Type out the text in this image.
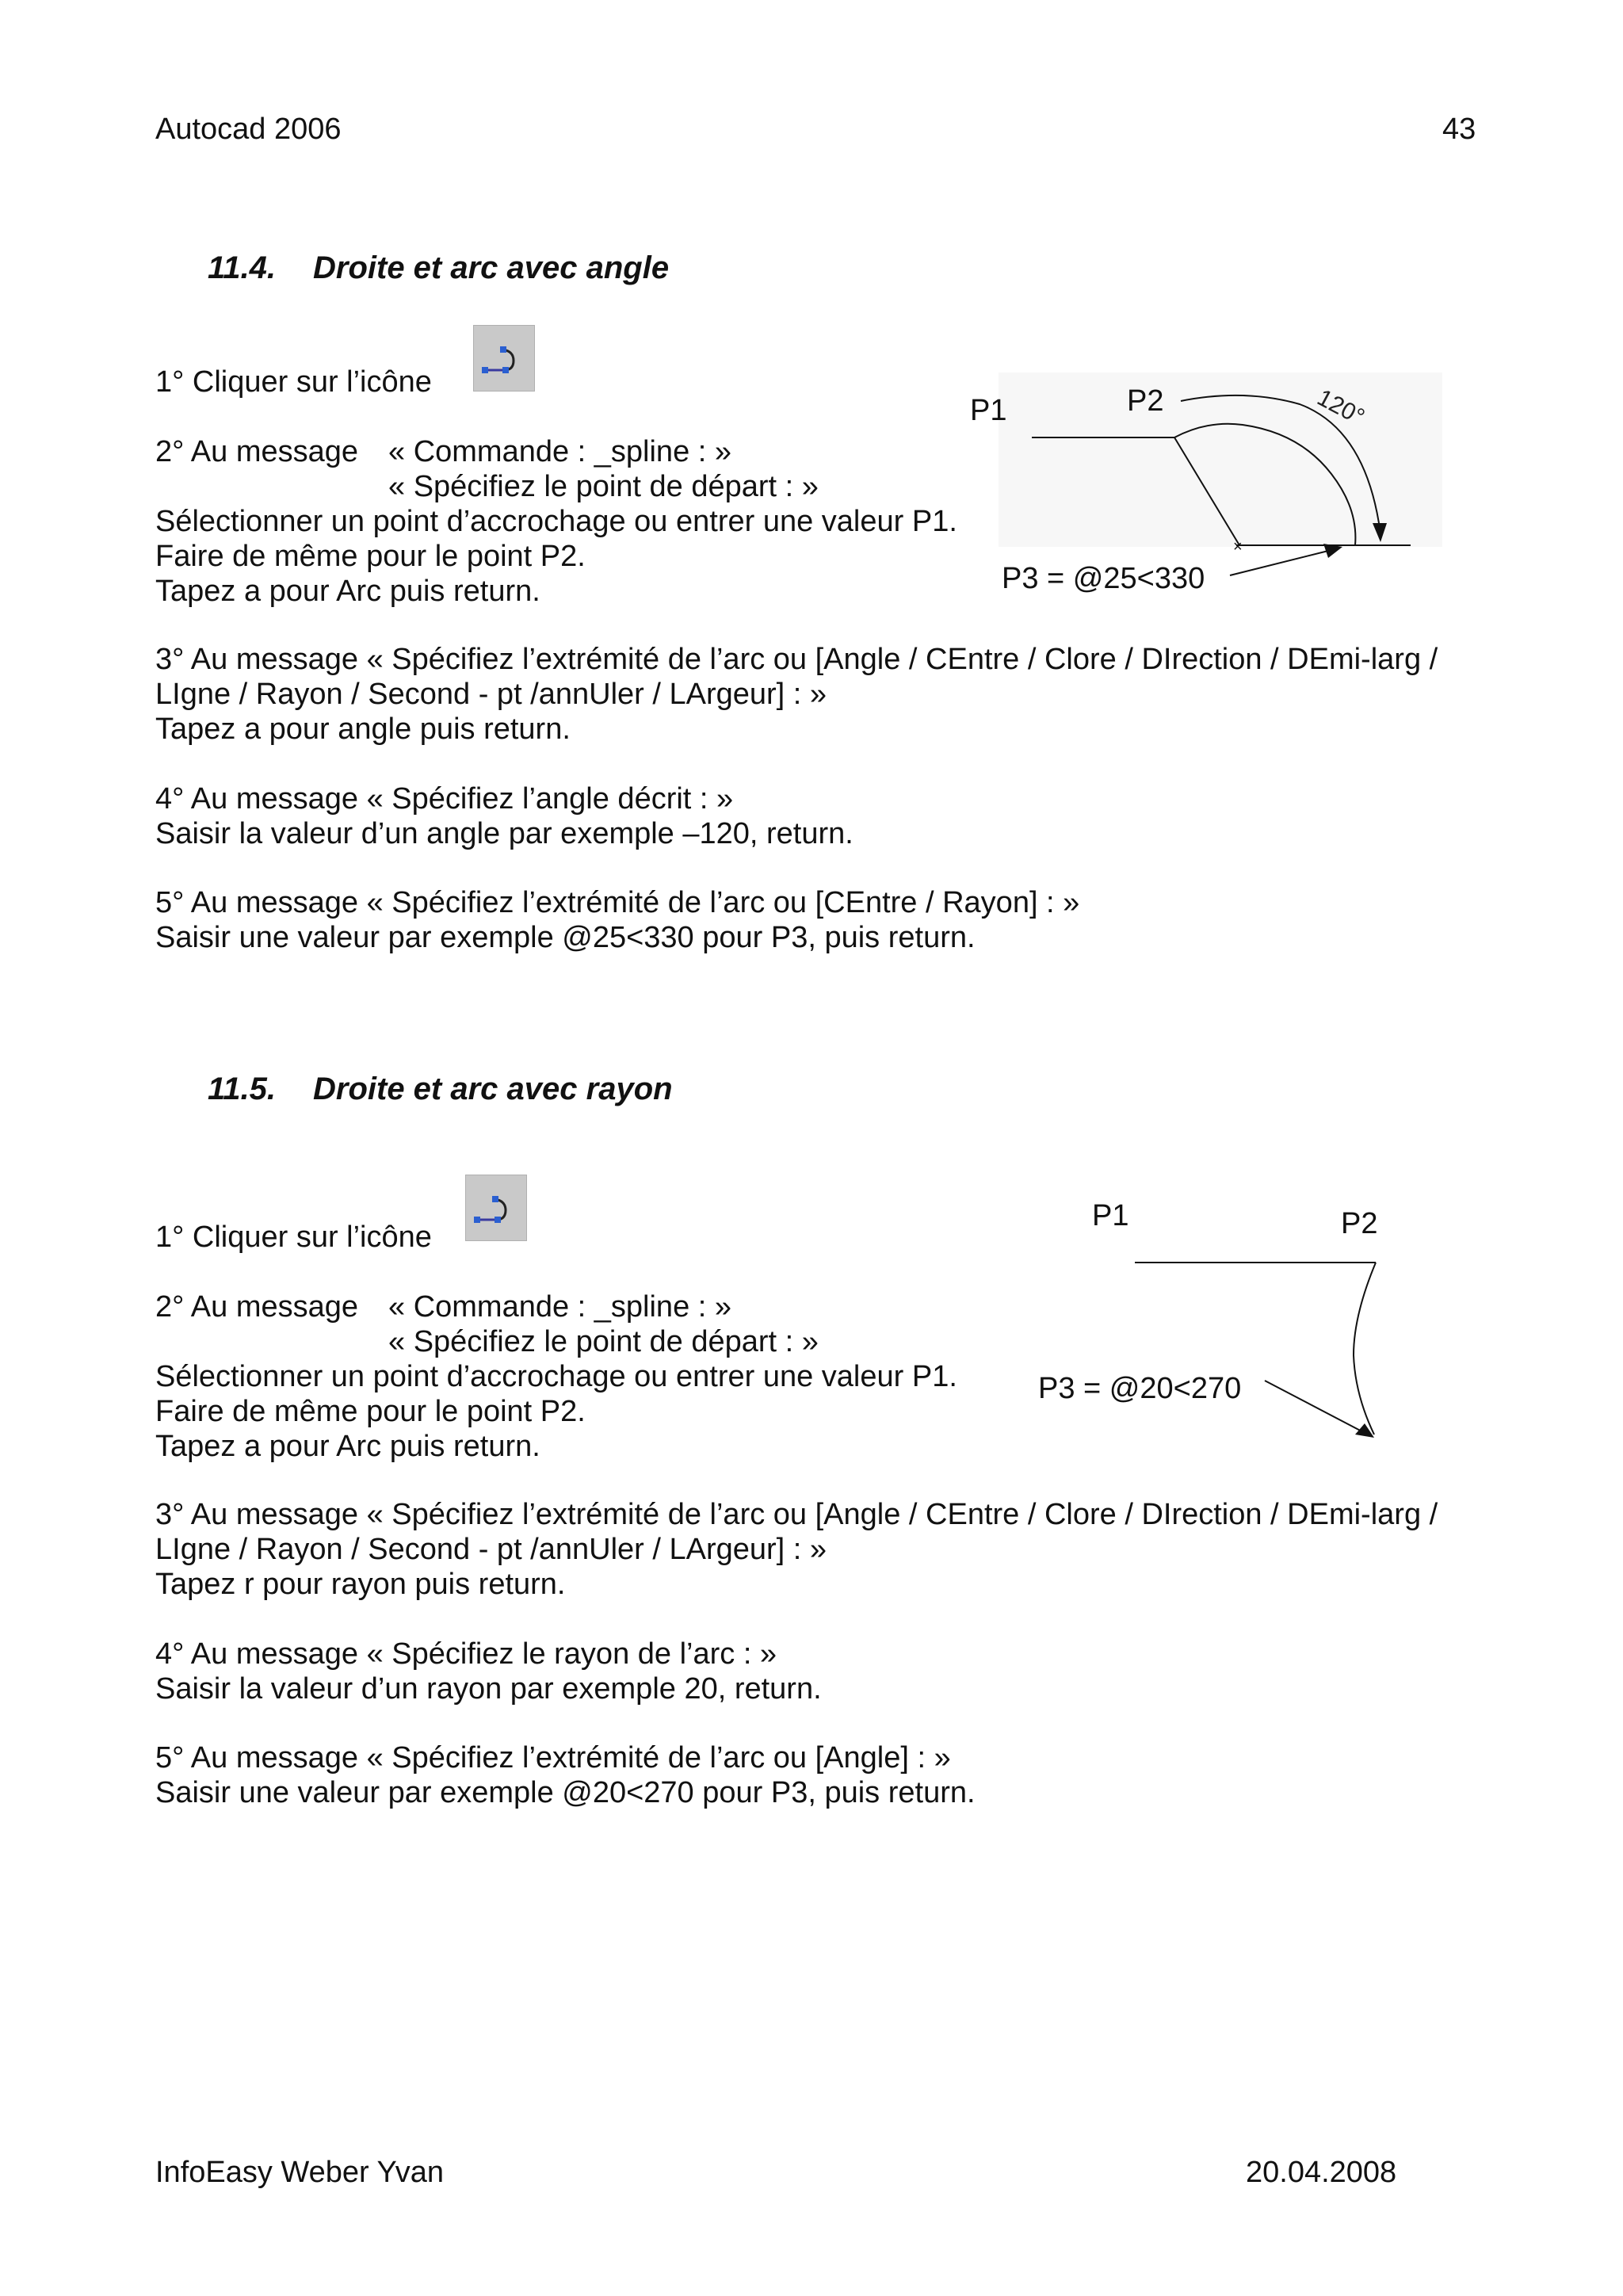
Autocad 2006	43
11.4. Droite et arc avec angle
1° Cliquer sur l’icône
2° Au message « Commande : _spline : »
« Spécifiez le point de départ : »
Sélectionner un point d’accrochage ou entrer une valeur P1.
Faire de même pour le point P2.
Tapez a pour Arc puis return.
3° Au message « Spécifiez l’extrémité de l’arc ou [Angle / CEntre / Clore / DIrection / DEmi-larg /
LIgne / Rayon / Second - pt /annUler / LArgeur] : »
Tapez a pour angle puis return.
4° Au message « Spécifiez l’angle décrit : »
Saisir la valeur d’un angle par exemple –120, return.
5° Au message « Spécifiez l’extrémité de l’arc ou [CEntre / Rayon] : »
Saisir une valeur par exemple @25<330 pour P3, puis return.
P1	P2	120°
×
P3 = @25<330
11.5. Droite et arc avec rayon
1° Cliquer sur l’icône
2° Au message « Commande : _spline : »
« Spécifiez le point de départ : »
Sélectionner un point d’accrochage ou entrer une valeur P1.
Faire de même pour le point P2.
Tapez a pour Arc puis return.
3° Au message « Spécifiez l’extrémité de l’arc ou [Angle / CEntre / Clore / DIrection / DEmi-larg /
LIgne / Rayon / Second - pt /annUler / LArgeur] : »
Tapez r pour rayon puis return.
4° Au message « Spécifiez le rayon de l’arc : »
Saisir la valeur d’un rayon par exemple 20, return.
5° Au message « Spécifiez l’extrémité de l’arc ou [Angle] : »
Saisir une valeur par exemple @20<270 pour P3, puis return.
P1	P2
P3 = @20<270
InfoEasy Weber Yvan	20.04.2008
